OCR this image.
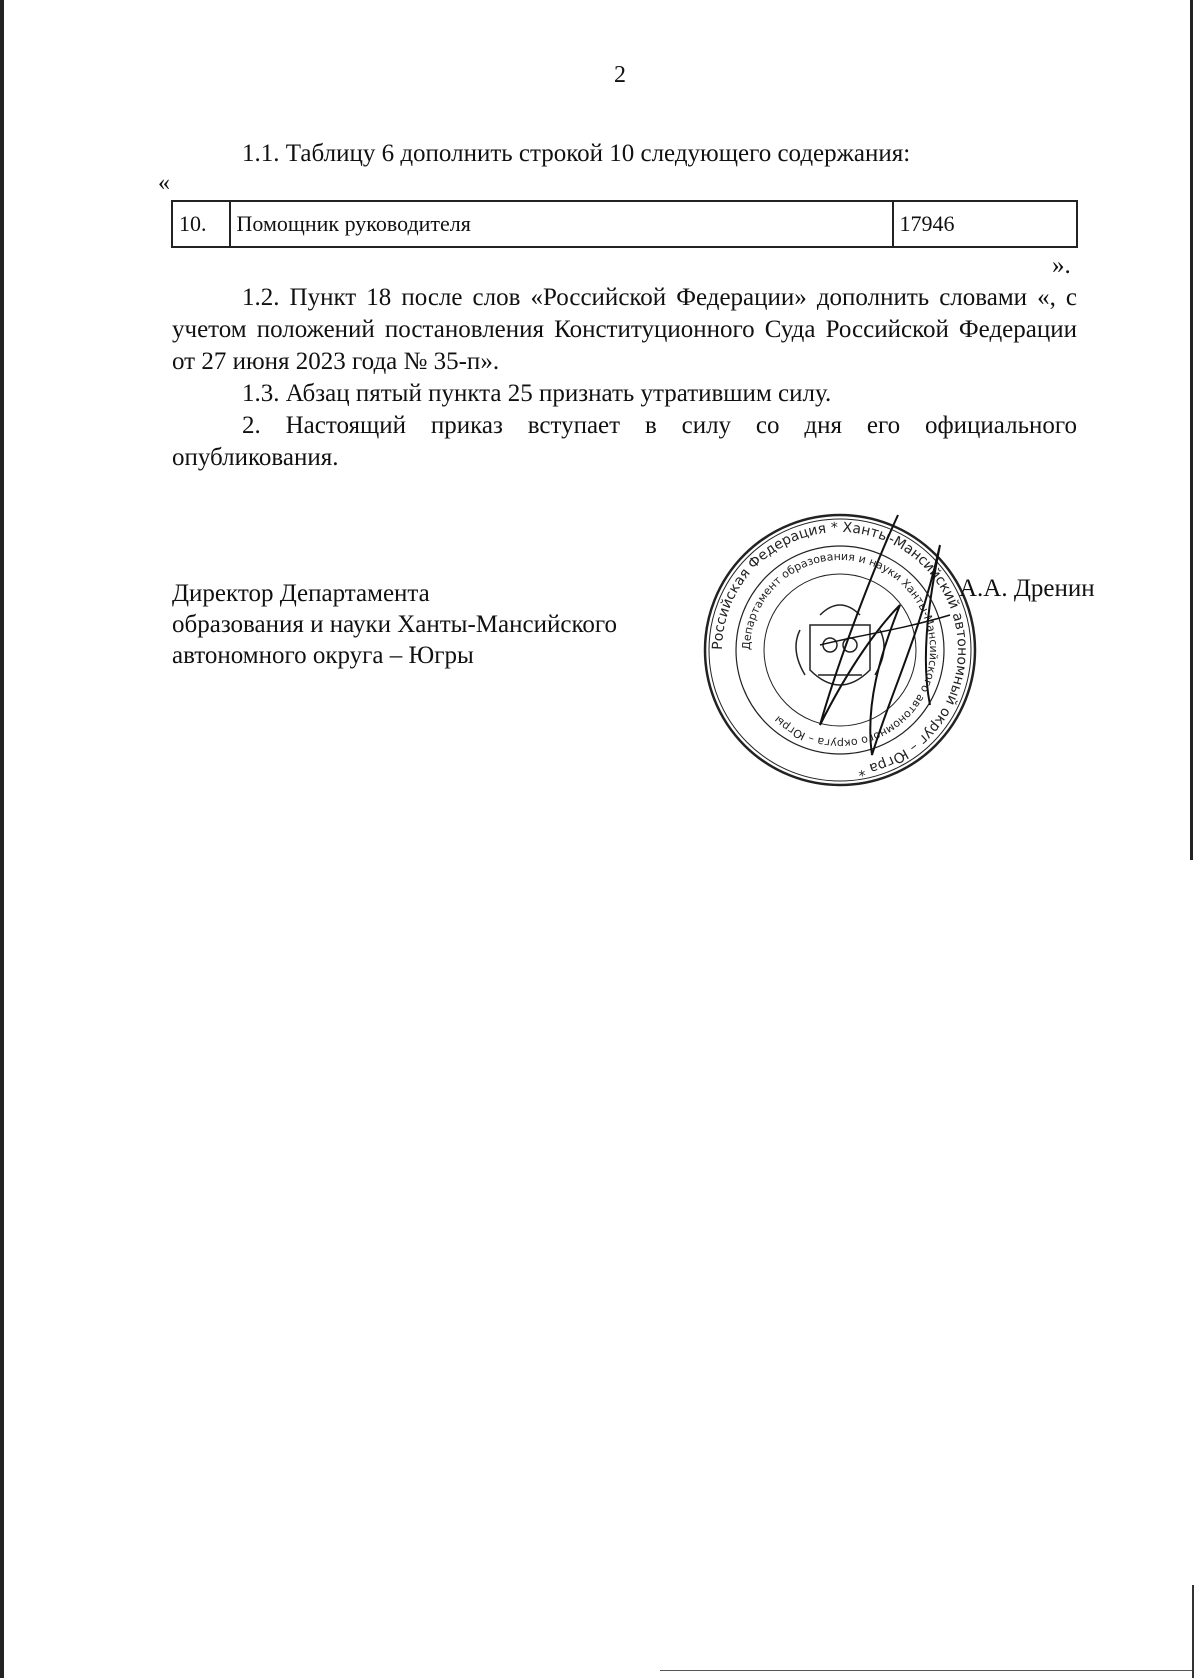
2
1.1. Таблицу 6 дополнить строкой 10 следующего содержания:
«
10.	Помощник руководителя	17946
».
1.2. Пункт 18 после слов «Российской Федерации» дополнить словами «, с учетом положений постановления Конституционного Суда Российской Федерации от 27 июня 2023 года № 35-п».
1.3. Абзац пятый пункта 25 признать утратившим силу.
2. Настоящий приказ вступает в силу со дня его официального опубликования.
Директор Департамента
образования и науки Ханты-Мансийского
автономного округа – Югры	Российская Федерация * Ханты-Мансийский автономный округ – Югра *
Департамент образования и науки Ханты-Мансийского автономного округа – Югры
А.А. Дренин
